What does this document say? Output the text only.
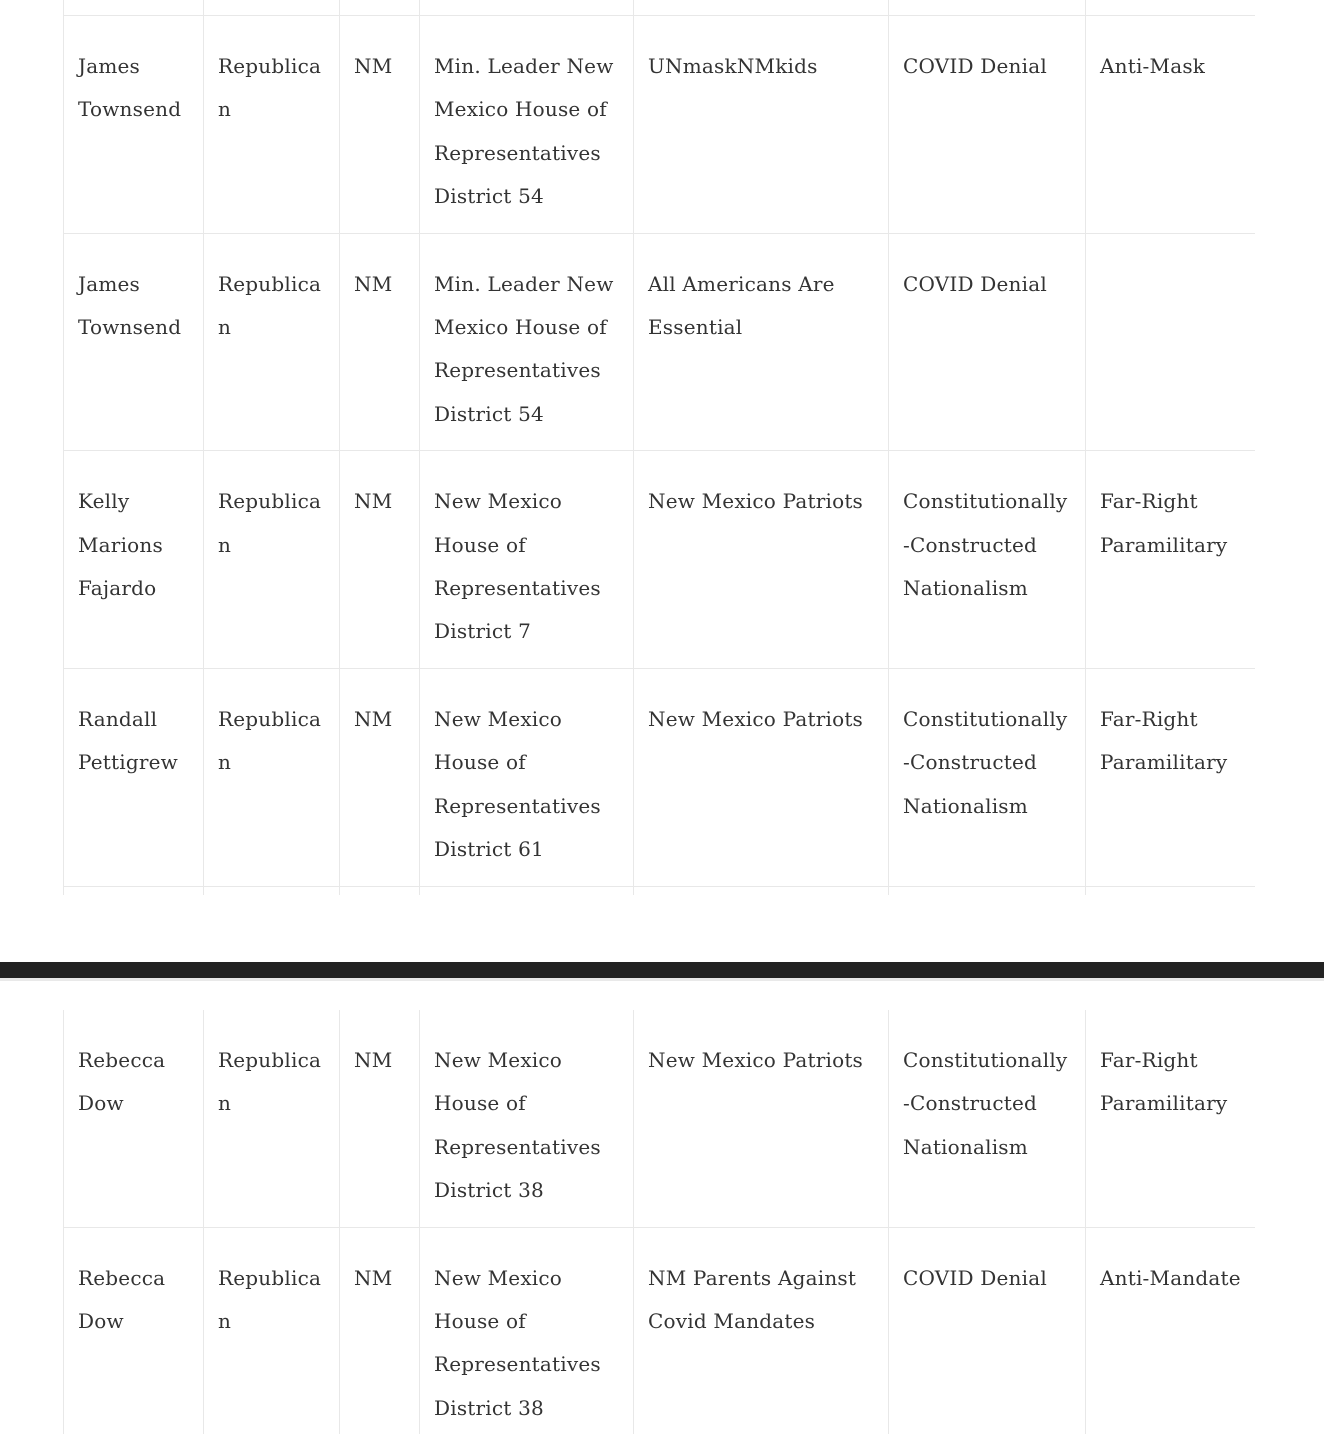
James Townsend	Republican	NM	Min. Leader New Mexico House of Representatives District 54	UNmaskNMkids	COVID Denial	Anti-Mask
James Townsend	Republican	NM	Min. Leader New Mexico House of Representatives District 54	All Americans Are Essential	COVID Denial	
Kelly Marions Fajardo	Republican	NM	New Mexico House of Representatives District 7	New Mexico Patriots	Constitutionally-Constructed Nationalism	Far-Right Paramilitary
Randall Pettigrew	Republican	NM	New Mexico House of Representatives District 61	New Mexico Patriots	Constitutionally-Constructed Nationalism	Far-Right Paramilitary

Rebecca Dow	Republican	NM	New Mexico House of Representatives District 38	New Mexico Patriots	Constitutionally-Constructed Nationalism	Far-Right Paramilitary
Rebecca Dow	Republican	NM	New Mexico House of Representatives District 38	NM Parents Against Covid Mandates	COVID Denial	Anti-Mandate
